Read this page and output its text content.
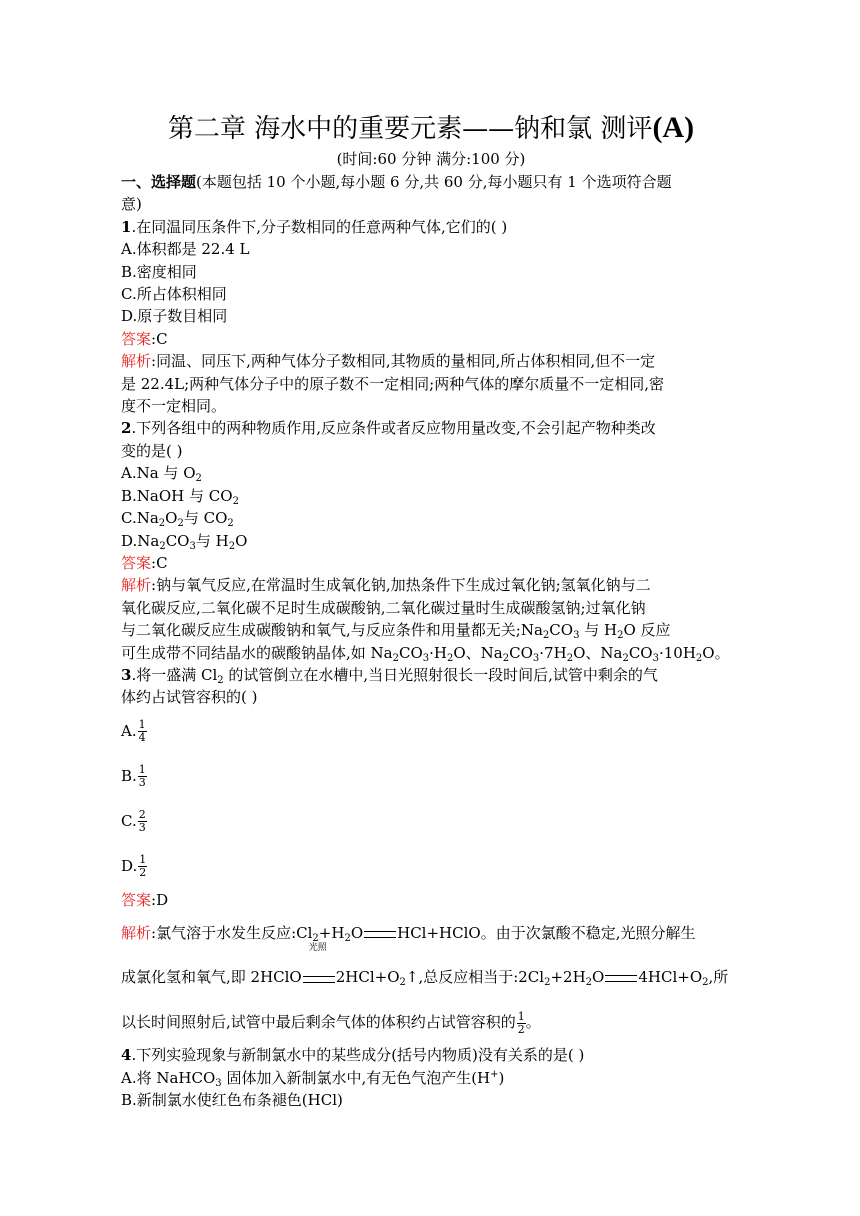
第二章 海水中的重要元素——钠和氯 测评(A)
(时间:60 分钟 满分:100 分)
一、选择题(本题包括 10 个小题,每小题 6 分,共 60 分,每小题只有 1 个选项符合题
意)
1.在同温同压条件下,分子数相同的任意两种气体,它们的( )
A.体积都是 22.4 L
B.密度相同
C.所占体积相同
D.原子数目相同
答案:C
解析:同温、同压下,两种气体分子数相同,其物质的量相同,所占体积相同,但不一定
是 22.4L;两种气体分子中的原子数不一定相同;两种气体的摩尔质量不一定相同,密
度不一定相同。
2.下列各组中的两种物质作用,反应条件或者反应物用量改变,不会引起产物种类改
变的是( )
A.Na 与 $O_2$
B.NaOH 与 $CO_2$
$C.Na_2O_2$与 $CO_2$
$D.Na_2CO_3$与 $H_2O$
答案:C
解析:钠与氧气反应,在常温时生成氧化钠,加热条件下生成过氧化钠;氢氧化钠与二
氧化碳反应,二氧化碳不足时生成碳酸钠,二氧化碳过量时生成碳酸氢钠;过氧化钠
与二氧化碳反应生成碳酸钠和氧气,与反应条件和用量都无关$;Na_2CO_3$ 与 $H_2O$ 反应
可生成带不同结晶水的碳酸钠晶体,如 $Na_2CO_3\cdot H_2O$、$Na_2CO_3\cdot 7H_2O$、$Na_2CO_3\cdot 10H_2O$。
3.将一盛满 $Cl_2$ 的试管倒立在水槽中,当日光照射很长一段时间后,试管中剩余的气
体约占试管容积的( )
A. $\frac{1}{4}$
B. $\frac{1}{3}$
C. $\frac{2}{3}$
D. $\frac{1}{2}$
答案:D
解析:氯气溶于水发生反应$:Cl_2+H_2O$ HCl+HClO。由于次氯酸不稳定,光照分解生
成氯化氢和氧气,即 2HClO
光照
$2HCl+O_2↑$,总反应相当于$:2Cl_2+2H_2O$ $4HCl+O_2$,所
以长时间照射后,试管中最后剩余气体的体积约占试管容积的 $\frac{1}{2}$ 。
4.下列实验现象与新制氯水中的某些成分(括号内物质)没有关系的是( )
A.将 NaHCO$_3$ 固体加入新制氯水中,有无色气泡产生(H+)
B.新制氯水使红色布条褪色(HCl)
